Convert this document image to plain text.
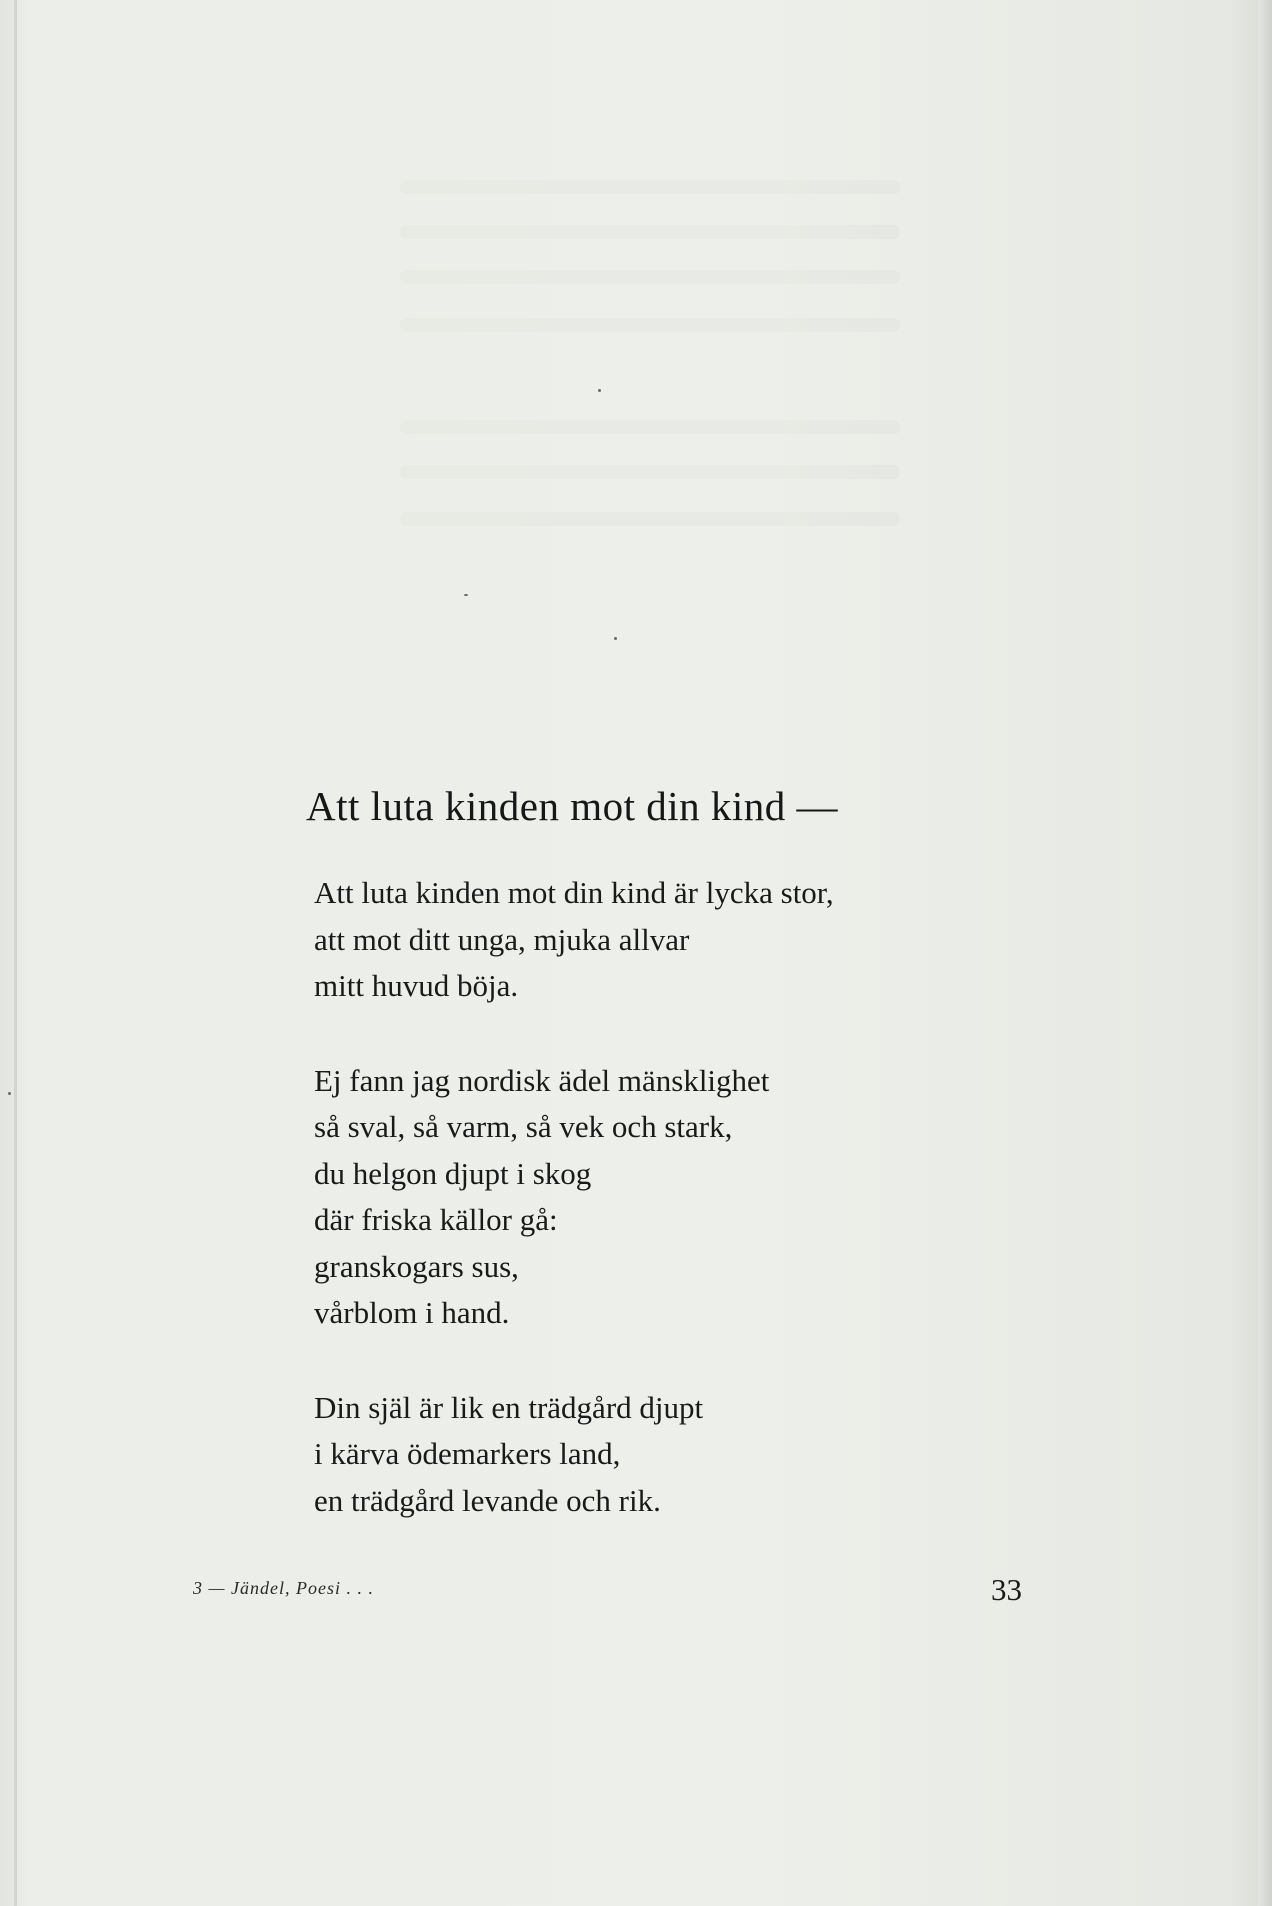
Att luta kinden mot din kind —
Att luta kinden mot din kind är lycka stor,
att mot ditt unga, mjuka allvar
mitt huvud böja.
Ej fann jag nordisk ädel mänsklighet
så sval, så varm, så vek och stark,
du helgon djupt i skog
där friska källor gå:
granskogars sus,
vårblom i hand.
Din själ är lik en trädgård djupt
i kärva ödemarkers land,
en trädgård levande och rik.
3 — Jändel, Poesi . . .	33
